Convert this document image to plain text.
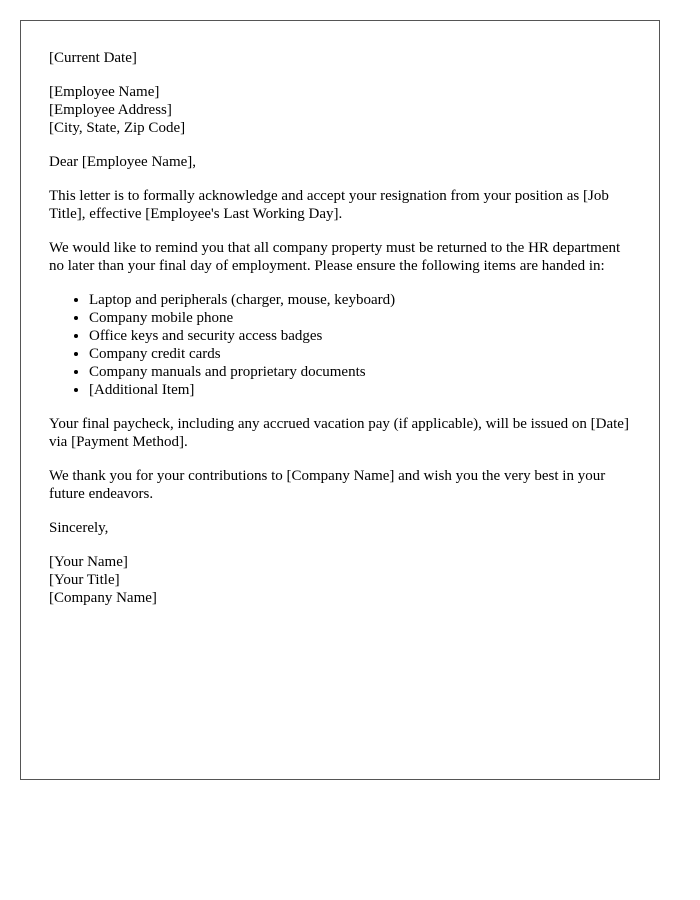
[Current Date]

[Employee Name]
[Employee Address]
[City, State, Zip Code]

Dear [Employee Name],

This letter is to formally acknowledge and accept your resignation from your position as [Job Title], effective [Employee's Last Working Day].

We would like to remind you that all company property must be returned to the HR department no later than your final day of employment. Please ensure the following items are handed in:

• Laptop and peripherals (charger, mouse, keyboard)
• Company mobile phone
• Office keys and security access badges
• Company credit cards
• Company manuals and proprietary documents
• [Additional Item]

Your final paycheck, including any accrued vacation pay (if applicable), will be issued on [Date] via [Payment Method].

We thank you for your contributions to [Company Name] and wish you the very best in your future endeavors.

Sincerely,

[Your Name]
[Your Title]
[Company Name]
